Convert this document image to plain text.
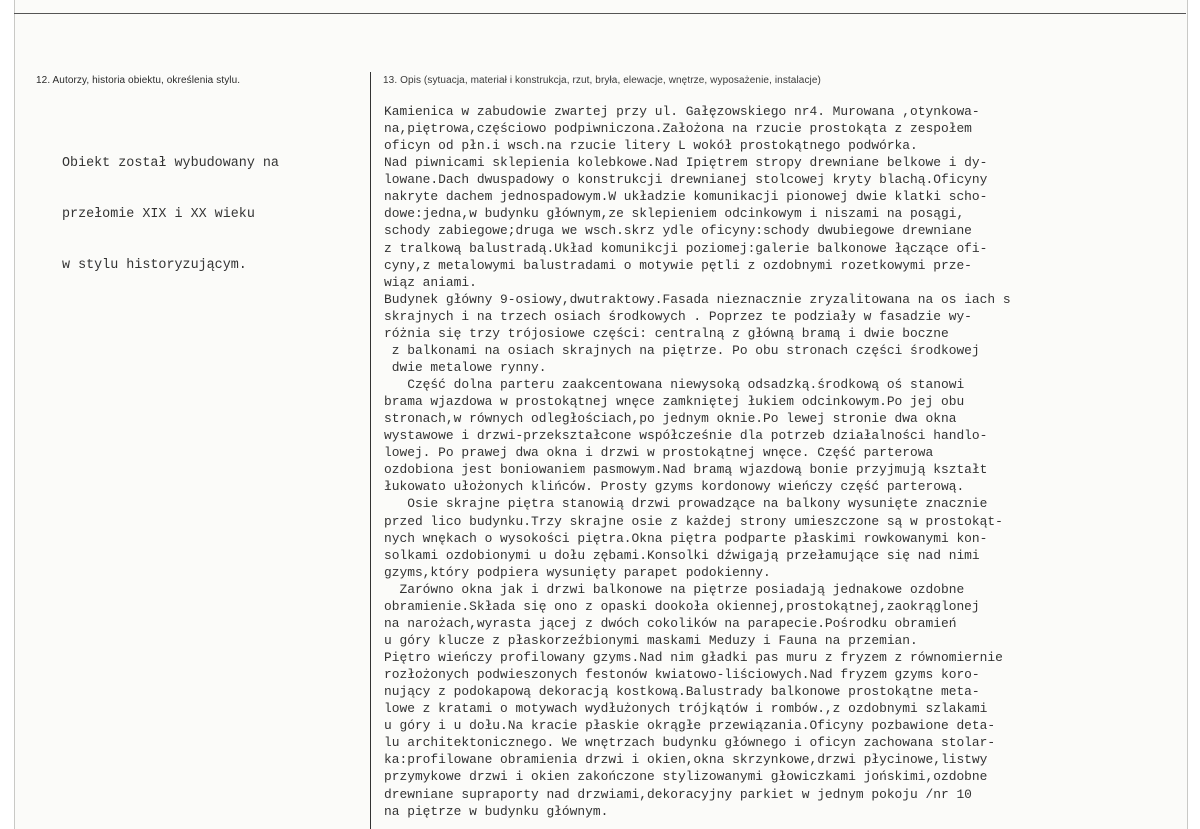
12. Autorzy, historia obiektu, określenia stylu.	13. Opis (sytuacja, materiał i konstrukcja, rzut, bryła, elewacje, wnętrze, wyposażenie, instalacje)

Obiekt został wybudowany na

przełomie XIX i XX wieku

w stylu historyzującym.

Kamienica w zabudowie zwartej przy ul. Gałęzowskiego nr4. Murowana ,otynkowa-
na,piętrowa,częściowo podpiwniczona.Założona na rzucie prostokąta z zespołem
oficyn od płn.i wsch.na rzucie litery L wokół prostokątnego podwórka.
Nad piwnicami sklepienia kolebkowe.Nad Ipiętrem stropy drewniane belkowe i dy-
lowane.Dach dwuspadowy o konstrukcji drewnianej stolcowej kryty blachą.Oficyny
nakryte dachem jednospadowym.W układzie komunikacji pionowej dwie klatki scho-
dowe:jedna,w budynku głównym,ze sklepieniem odcinkowym i niszami na posągi,
schody zabiegowe;druga we wsch.skrz ydle oficyny:schody dwubiegowe drewniane
z tralkową balustradą.Układ komunikcji poziomej:galerie balkonowe łączące ofi-
cyny,z metalowymi balustradami o motywie pętli z ozdobnymi rozetkowymi prze-
wiąz aniami.
Budynek główny 9-osiowy,dwutraktowy.Fasada nieznacznie zryzalitowana na os iach s
skrajnych i na trzech osiach środkowych . Poprzez te podziały w fasadzie wy-
różnia się trzy trójosiowe części: centralną z główną bramą i dwie boczne
z balkonami na osiach skrajnych na piętrze. Po obu stronach części środkowej
dwie metalowe rynny.
Część dolna parteru zaakcentowana niewysoką odsadzką.środkową oś stanowi
brama wjazdowa w prostokątnej wnęce zamkniętej łukiem odcinkowym.Po jej obu
stronach,w równych odległościach,po jednym oknie.Po lewej stronie dwa okna
wystawowe i drzwi-przekształcone współcześnie dla potrzeb działalności handlo-
lowej. Po prawej dwa okna i drzwi w prostokątnej wnęce. Część parterowa
ozdobiona jest boniowaniem pasmowym.Nad bramą wjazdową bonie przyjmują kształt
łukowato ułożonych klińców. Prosty gzyms kordonowy wieńczy część parterową.
Osie skrajne piętra stanowią drzwi prowadzące na balkony wysunięte znacznie
przed lico budynku.Trzy skrajne osie z każdej strony umieszczone są w prostokąt-
nych wnękach o wysokości piętra.Okna piętra podparte płaskimi rowkowanymi kon-
solkami ozdobionymi u dołu zębami.Konsolki dźwigają przełamujące się nad nimi
gzyms,który podpiera wysunięty parapet podokienny.
Zarówno okna jak i drzwi balkonowe na piętrze posiadają jednakowe ozdobne
obramienie.Składa się ono z opaski dookoła okiennej,prostokątnej,zaokrąglonej
na narożach,wyrasta jącej z dwóch cokolików na parapecie.Pośrodku obramień
u góry klucze z płaskorzeźbionymi maskami Meduzy i Fauna na przemian.
Piętro wieńczy profilowany gzyms.Nad nim gładki pas muru z fryzem z równomiernie
rozłożonych podwieszonych festonów kwiatowo-liściowych.Nad fryzem gzyms koro-
nujący z podokapową dekoracją kostkową.Balustrady balkonowe prostokątne meta-
lowe z kratami o motywach wydłużonych trójkątów i rombów.,z ozdobnymi szlakami
u góry i u dołu.Na kracie płaskie okrągłe przewiązania.Oficyny pozbawione deta-
lu architektonicznego. We wnętrzach budynku głównego i oficyn zachowana stolar-
ka:profilowane obramienia drzwi i okien,okna skrzynkowe,drzwi płycinowe,listwy
przymykowe drzwi i okien zakończone stylizowanymi głowiczkami jońskimi,ozdobne
drewniane supraporty nad drzwiami,dekoracyjny parkiet w jednym pokoju /nr 10
na piętrze w budynku głównym.
